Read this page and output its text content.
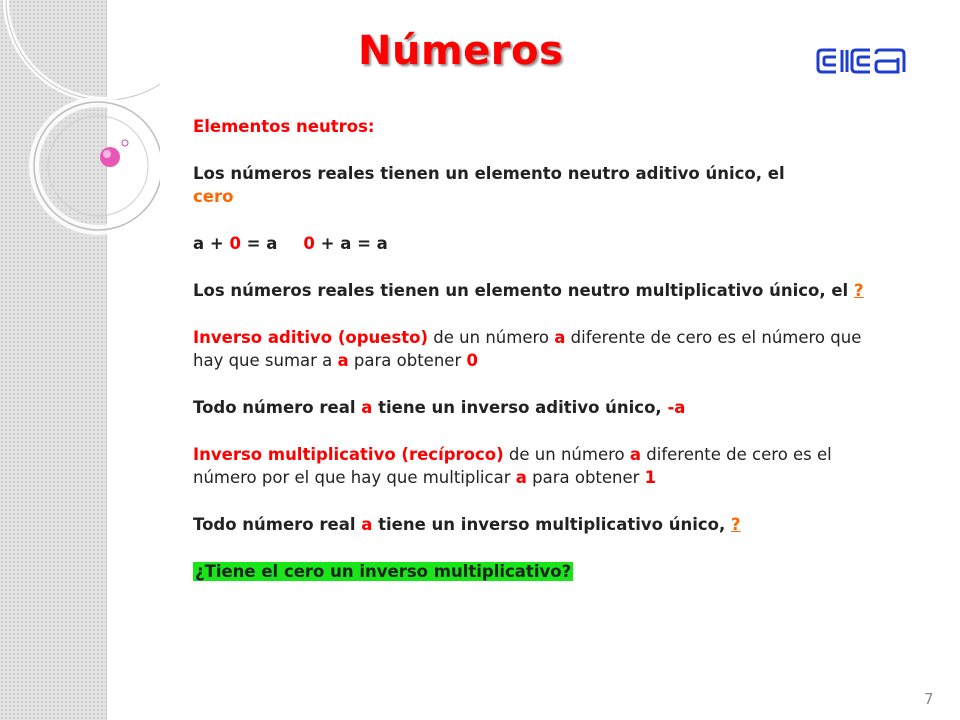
Números

Elementos neutros:

Los números reales tienen un elemento neutro aditivo único, el
cero

a + 0 = a 0 + a = a

Los números reales tienen un elemento neutro multiplicativo único, el ?

Inverso aditivo (opuesto) de un número a diferente de cero es el número que hay que sumar a a para obtener 0

Todo número real a tiene un inverso aditivo único, -a

Inverso multiplicativo (recíproco) de un número a diferente de cero es el número por el que hay que multiplicar a para obtener 1

Todo número real a tiene un inverso multiplicativo único, ?

¿Tiene el cero un inverso multiplicativo?

7
